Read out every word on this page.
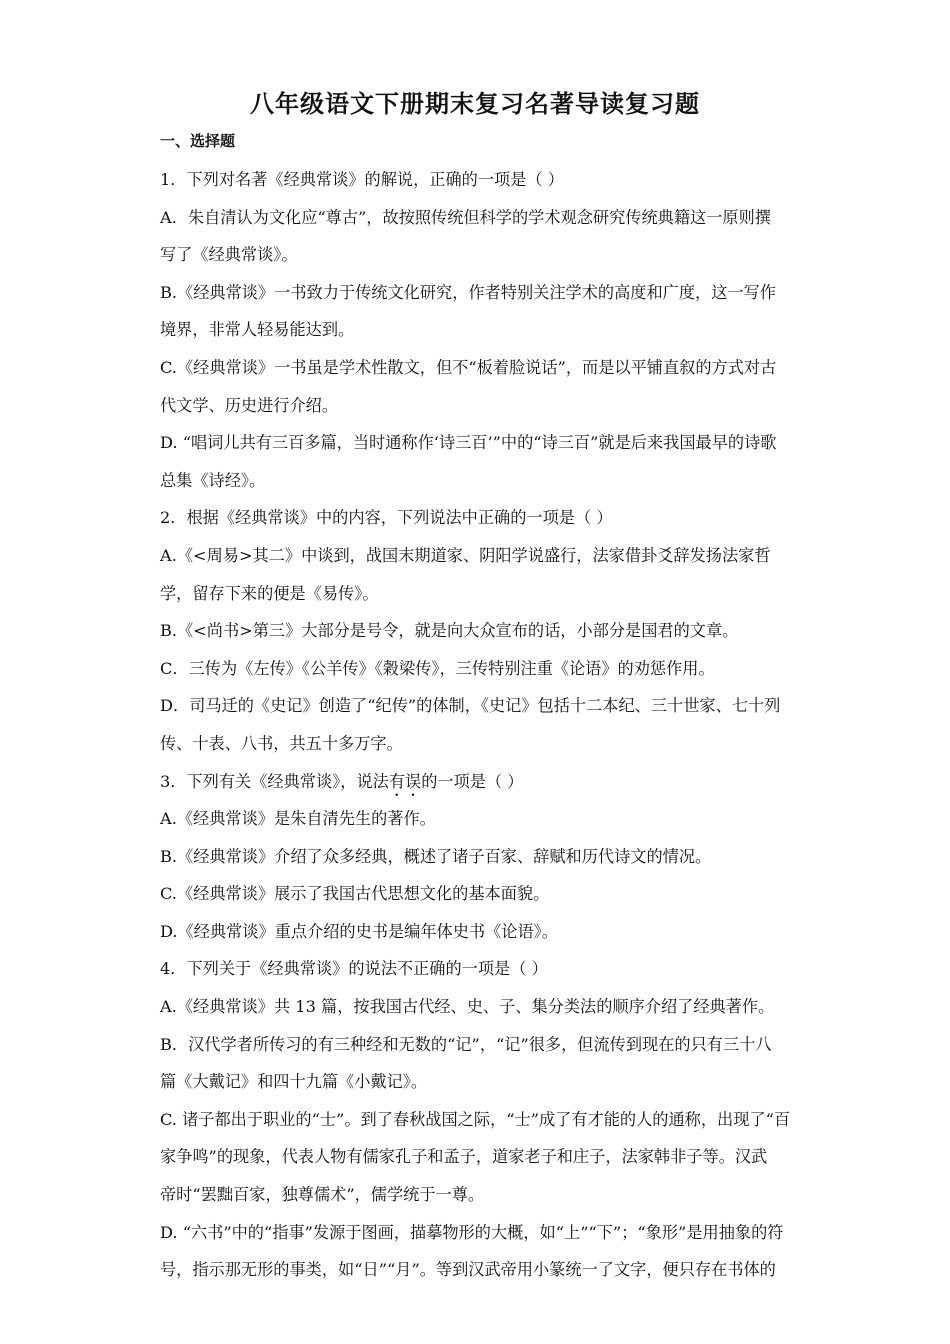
八年级语文下册期末复习名著导读复习题
一、选择题
1．下列对名著《经典常谈》的解说，正确的一项是（ ）
A．朱自清认为文化应“尊古”，故按照传统但科学的学术观念研究传统典籍这一原则撰
写了《经典常谈》。
B.《经典常谈》一书致力于传统文化研究，作者特别关注学术的高度和广度，这一写作
境界，非常人轻易能达到。
C.《经典常谈》一书虽是学术性散文，但不“板着脸说话”，而是以平铺直叙的方式对古
代文学、历史进行介绍。
D. “唱词儿共有三百多篇，当时通称作‘诗三百’”中的“诗三百”就是后来我国最早的诗歌
总集《诗经》。
2．根据《经典常谈》中的内容，下列说法中正确的一项是（ ）
A.《<周易>其二》中谈到，战国末期道家、阴阳学说盛行，法家借卦爻辞发扬法家哲
学，留存下来的便是《易传》。
B.《<尚书>第三》大部分是号令，就是向大众宣布的话，小部分是国君的文章。
C．三传为《左传》《公羊传》《穀梁传》，三传特别注重《论语》的劝惩作用。
D．司马迁的《史记》创造了“纪传”的体制，《史记》包括十二本纪、三十世家、七十列
传、十表、八书，共五十多万字。
3．下列有关《经典常谈》，说法有误的一项是（ ）
A.《经典常谈》是朱自清先生的著作。
B.《经典常谈》介绍了众多经典，概述了诸子百家、辞赋和历代诗文的情况。
C.《经典常谈》展示了我国古代思想文化的基本面貌。
D.《经典常谈》重点介绍的史书是编年体史书《论语》。
4．下列关于《经典常谈》的说法不正确的一项是（ ）
A.《经典常谈》共 13 篇，按我国古代经、史、子、集分类法的顺序介绍了经典著作。
B．汉代学者所传习的有三种经和无数的“记”，“记”很多，但流传到现在的只有三十八
篇《大戴记》和四十九篇《小戴记》。
C. 诸子都出于职业的“士”。到了春秋战国之际，“士”成了有才能的人的通称，出现了“百
家争鸣”的现象，代表人物有儒家孔子和孟子，道家老子和庄子，法家韩非子等。汉武
帝时“罢黜百家，独尊儒术”，儒学统于一尊。
D. “六书”中的“指事”发源于图画，描摹物形的大概，如“上”“下”；“象形”是用抽象的符
号，指示那无形的事类，如“日”“月”。等到汉武帝用小篆统一了文字，便只存在书体的
